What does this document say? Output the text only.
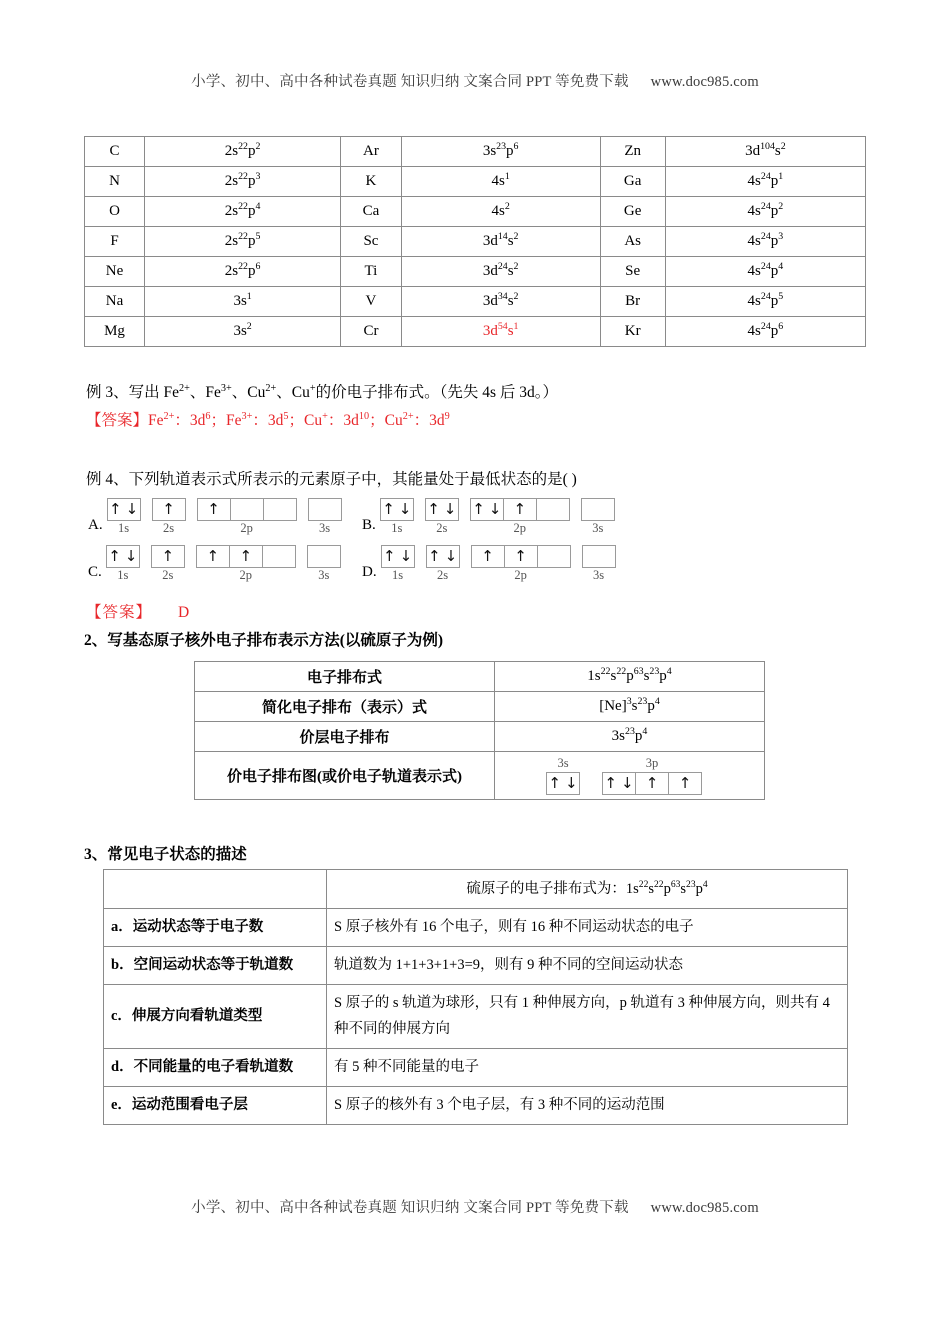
小学、初中、高中各种试卷真题 知识归纳 文案合同 PPT 等免费下载 www.doc985.com
C	$2s^{22}p^2$	Ar	$3s^{23}p^6$	Zn	$3d^{104}s^2$
N	$2s^{22}p^3$	K	$4s^1$	Ga	$4s^{24}p^1$
O	$2s^{22}p^4$	Ca	$4s^2$	Ge	$4s^{24}p^2$
F	$2s^{22}p^5$	Sc	$3d^{14}s^2$	As	$4s^{24}p^3$
Ne	$2s^{22}p^6$	Ti	$3d^{24}s^2$	Se	$4s^{24}p^4$
Na	$3s^1$	V	$3d^{34}s^2$	Br	$4s^{24}p^5$
Mg	$3s^2$	Cr	$3d^{54}s^1$	Kr	$4s^{24}p^6$
例 3、写出 $Fe^{2+}$、$Fe^{3+}$、$Cu^{2+}$、Cu+的价电子排布式。（先失 4s 后 3d。）
【答案】$Fe^{2+}$：$3d^6$；$Fe^{3+}$：$3d^5$；Cu+：$3d^{10}$；$Cu^{2+}$：$3d^9$
例 4、下列轨道表示式所表示的元素原子中，其能量处于最低状态的是( )
A.
↑ ↓
1s
↑
2s
↑
2p	3s	B.
↑ ↓
1s
↑ ↓
2s
↑ ↓ ↑
2p	3s
C.
↑ ↓
1s
↑
2s
↑ ↑
2p	3s	D.
↑ ↓
1s
↑ ↓
2s
↑ ↑
2p	3s
【答案】 D
2、写基态原子核外电子排布表示方法(以硫原子为例)
电子排布式	$1s^{22}s^{22}p^{63}s^{23}p^4$
简化电子排布（表示）式	$[Ne]^3s^{23}p^4$
价层电子排布	$3s^{23}p^4$
价电子排布图(或价电子轨道表示式)	
3s
↑ ↓
3p
↑ ↓ ↑ ↑
3、常见电子状态的描述
	硫原子的电子排布式为：$1s^{22}s^{22}p^{63}s^{23}p^4$
a．运动状态等于电子数	S 原子核外有 16 个电子，则有 16 种不同运动状态的电子
b．空间运动状态等于轨道数	轨道数为 1+1+3+1+3=9，则有 9 种不同的空间运动状态
c．伸展方向看轨道类型	S 原子的 s 轨道为球形，只有 1 种伸展方向，p 轨道有 3 种伸展方向，则共有 4 种不同的伸展方向
d．不同能量的电子看轨道数	有 5 种不同能量的电子
e．运动范围看电子层	S 原子的核外有 3 个电子层，有 3 种不同的运动范围
小学、初中、高中各种试卷真题 知识归纳 文案合同 PPT 等免费下载 www.doc985.com
